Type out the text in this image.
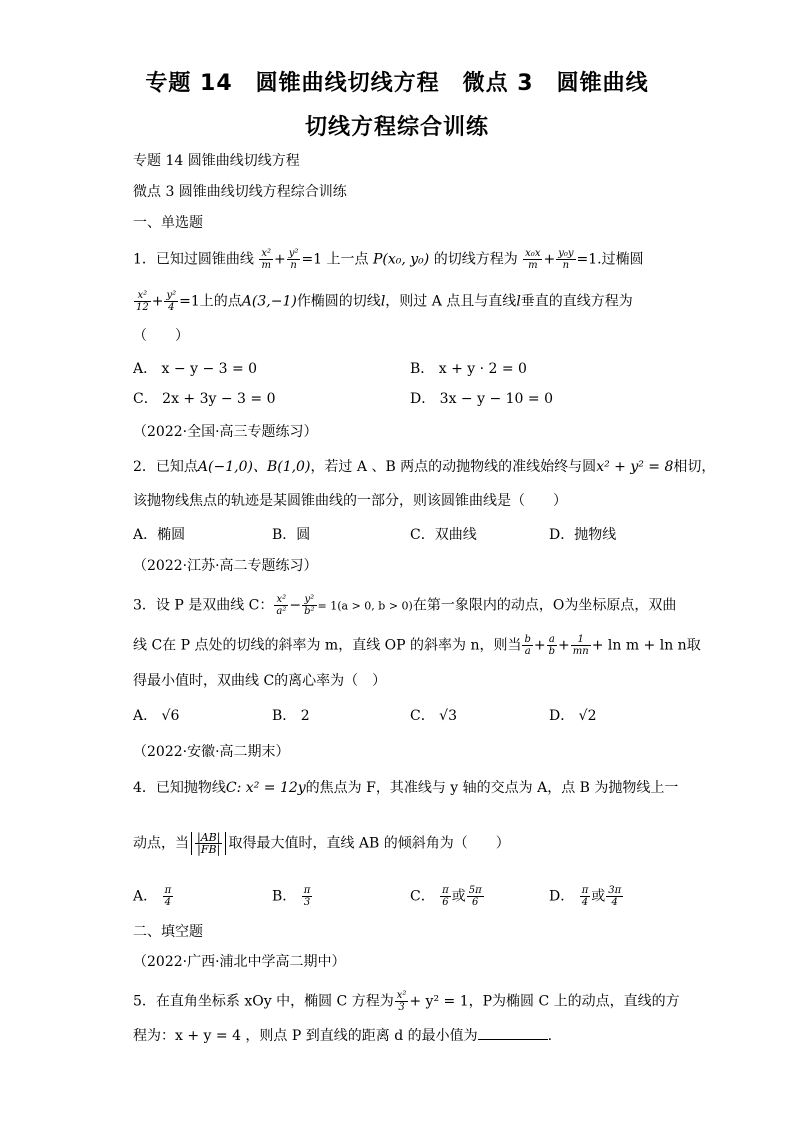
专题 14　圆锥曲线切线方程　微点 3　圆锥曲线
切线方程综合训练
专题 14 圆锥曲线切线方程
微点 3 圆锥曲线切线方程综合训练
一、单选题
1．已知过圆锥曲线 $\frac{\text{x²}}{m} + \frac{\text{y²}}{n} =1$ 上一点 P(x₀, y₀) 的切线方程为 $\frac{\text{x₀x}}{m} + \frac{\text{y₀y}}{n} =1$.过椭圆
$\frac{\text{x²}}{12} + \frac{\text{y²}}{4} =1$上的点A(3,−1)作椭圆的切线l，则过 A 点且与直线l垂直的直线方程为
（　　）
A． x − y − 3 = 0	B． x + y · 2 = 0
C． 2x + 3y − 3 = 0	D． 3x − y − 10 = 0
（2022·全国·高三专题练习）
2．已知点A(−1,0)、B(1,0)，若过 A 、B 两点的动抛物线的准线始终与圆x² + y² = 8相切，
该抛物线焦点的轨迹是某圆锥曲线的一部分，则该圆锥曲线是（　　）
A．椭圆	B．圆	C．双曲线	D．抛物线
（2022·江苏·高二专题练习）
3．设 P 是双曲线 C： $\frac{\text{x²}}{\text{a²}} - \frac{\text{y²}}{\text{b²}} = 1(a > 0$, b > 0)在第一象限内的动点，O为坐标原点，双曲
线 C在 P 点处的切线的斜率为 m，直线 OP 的斜率为 n，则当 $\frac{b}{a} + \frac{a}{b} + \frac{1}{mn} + \ln m + \ln n$取
得最小值时，双曲线 C的离心率为（　）
A． √6	B． 2	C． √3	D． √2
（2022·安徽·高二期末）
4．已知抛物线C: x² = 12y的焦点为 F，其准线与 y 轴的交点为 A，点 B 为抛物线上一
动点，当 $\frac{|AB|}{|FB|}$ 取得最大值时，直线 AB 的倾斜角为（　　）
A． $\frac{\pi}{4}$	B． $\frac{\pi}{3}$	C． $\frac{\pi}{6}$ 或 $\frac{5\pi}{6}$	D． $\frac{\pi}{4}$ 或 $\frac{3\pi}{4}$
二、填空题
（2022·广西·浦北中学高二期中）
5．在直角坐标系 xOy 中，椭圆 C 方程为 $\frac{\text{x²}}{3} + y^2 = 1$，P为椭圆 C 上的动点，直线的方
程为：x + y = 4 ，则点 P 到直线的距离 d 的最小值为	.
